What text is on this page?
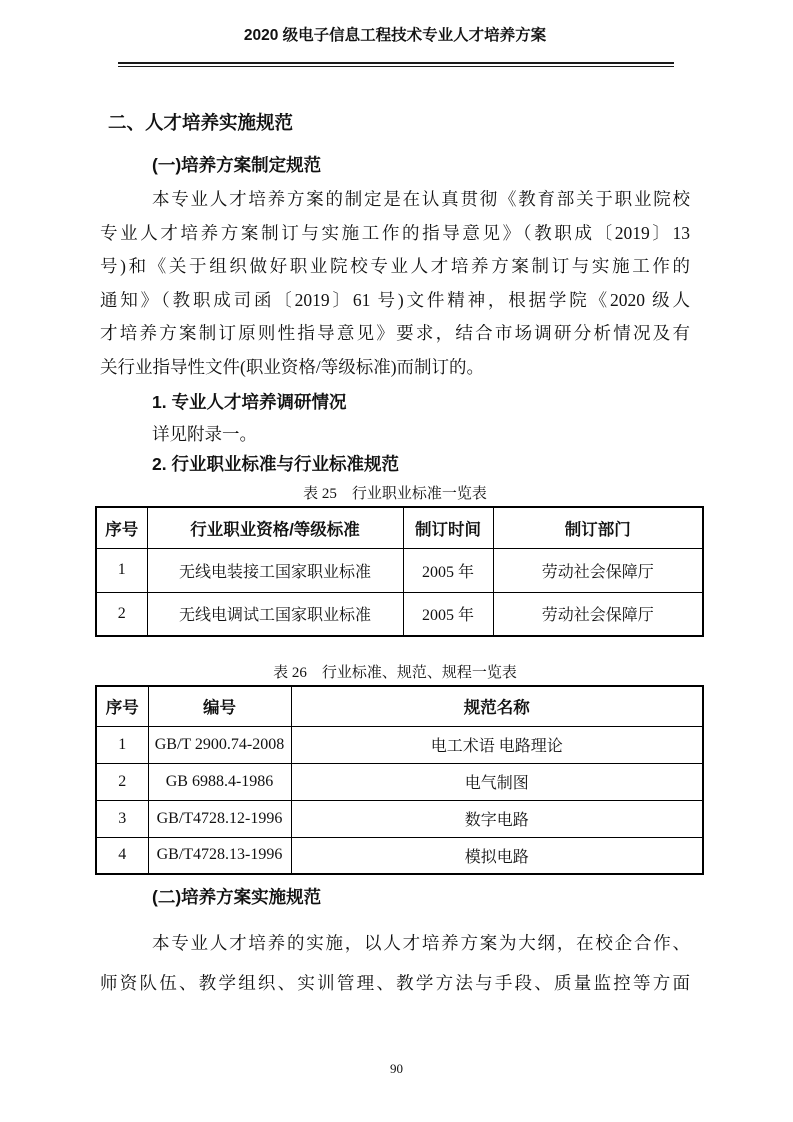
2020 级电子信息工程技术专业人才培养方案
二、人才培养实施规范
(一)培养方案制定规范
本专业人才培养方案的制定是在认真贯彻《教育部关于职业院校
专业人才培养方案制订与实施工作的指导意见》（教职成〔2019〕13
号)和《关于组织做好职业院校专业人才培养方案制订与实施工作的
通知》（教职成司函〔2019〕61 号)文件精神，根据学院《2020 级人
才培养方案制订原则性指导意见》要求，结合市场调研分析情况及有
关行业指导性文件(职业资格/等级标准)而制订的。
1. 专业人才培养调研情况
详见附录一。
2. 行业职业标准与行业标准规范
表 25　行业职业标准一览表
序号	行业职业资格/等级标准	制订时间	制订部门
1	无线电装接工国家职业标准	2005 年	劳动社会保障厅
2	无线电调试工国家职业标准	2005 年	劳动社会保障厅
表 26　行业标准、规范、规程一览表
序号	编号	规范名称
1	GB/T 2900.74-2008	电工术语 电路理论
2	GB 6988.4-1986	电气制图
3	GB/T4728.12-1996	数字电路
4	GB/T4728.13-1996	模拟电路
(二)培养方案实施规范
本专业人才培养的实施，以人才培养方案为大纲，在校企合作、
师资队伍、教学组织、实训管理、教学方法与手段、质量监控等方面
90
